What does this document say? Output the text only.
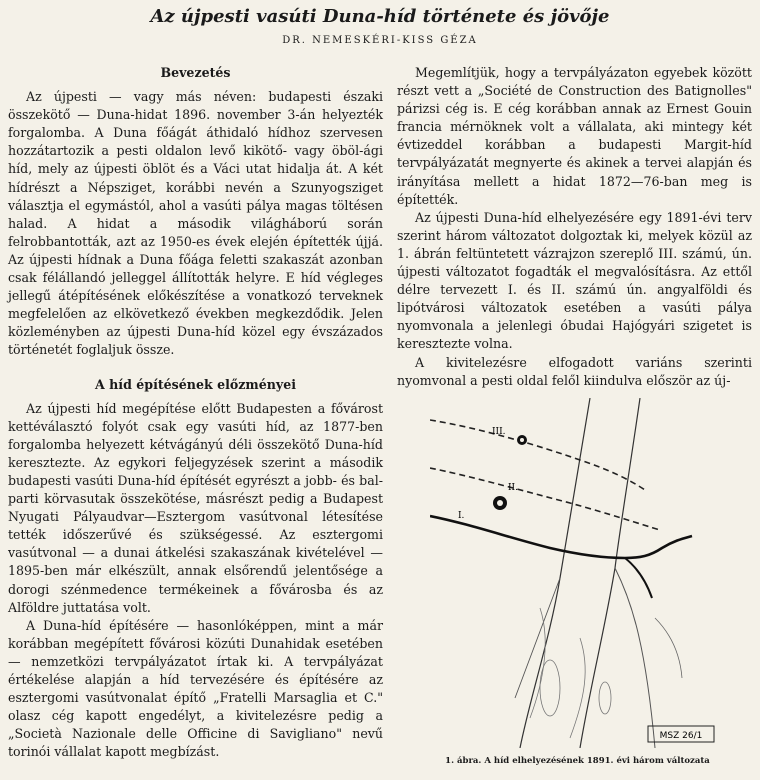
Az újpesti vasúti Duna-híd története és jövője

DR. NEMESKÉRI-KISS GÉZA

Bevezetés

Az újpesti — vagy más néven: budapesti északi összekötő — Duna-hidat 1896. november 3-án helyezték forgalomba. A Duna főágát áthidaló hídhoz szervesen hozzátartozik a pesti oldalon levő kikötő- vagy öböl-ági híd, mely az újpesti öblöt és a Váci utat hidalja át. A két hídrészt a Népsziget, korábbi nevén a Szunyogsziget választja el egymástól, ahol a vasúti pálya magas töltésen halad. A hidat a második világháború során felrobbantották, azt az 1950-es évek elején építették újjá. Az újpesti hídnak a Duna főága feletti szakaszát azonban csak félállandó jelleggel állították helyre. E híd végleges jellegű átépítésének előkészítése a vonatkozó terveknek megfelelően az elkövetkező években megkezdődik. Jelen közleményben az újpesti Duna-híd közel egy évszázados történetét foglaljuk össze.

A híd építésének előzményei

Az újpesti híd megépítése előtt Budapesten a fővárost kettéválasztó folyót csak egy vasúti híd, az 1877-ben forgalomba helyezett kétvágányú déli összekötő Duna-híd keresztezte. Az egykori feljegyzések szerint a második budapesti vasúti Duna-híd építését egyrészt a jobb- és bal-parti körvasutak összekötése, másrészt pedig a Budapest Nyugati Pályaudvar—Esztergom vasútvonal létesítése tették időszerűvé és szükségessé. Az esztergomi vasútvonal — a dunai átkelési szakaszának kivételével — 1895-ben már elkészült, annak elsőrendű jelentősége a dorogi szénmedence termékeinek a fővárosba és az Alföldre juttatása volt.

A Duna-híd építésére — hasonlóképpen, mint a már korábban megépített fővárosi közúti Dunahidak esetében — nemzetközi tervpályázatot írtak ki. A tervpályázat értékelése alapján a híd tervezésére és építésére az esztergomi vasútvonalat építő „Fratelli Marsaglia et C." olasz cég kapott engedélyt, a kivitelezésre pedig a „Società Nazionale delle Officine di Savigliano" nevű torinói vállalat kapott megbízást.

Megemlítjük, hogy a tervpályázaton egyebek között részt vett a „Société de Construction des Batignolles" párizsi cég is. E cég korábban annak az Ernest Gouin francia mérnöknek volt a vállalata, aki mintegy két évtizeddel korábban a budapesti Margit-híd tervpályázatát megnyerte és akinek a tervei alapján és irányítása mellett a hidat 1872—76-ban meg is építették.

Az újpesti Duna-híd elhelyezésére egy 1891-évi terv szerint három változatot dolgoztak ki, melyek közül az 1. ábrán feltüntetett vázrajzon szereplő III. számú, ún. újpesti változatot fogadták el megvalósításra. Az ettől délre tervezett I. és II. számú ún. angyalföldi és lipótvárosi változatok esetében a vasúti pálya nyomvonala a jelenlegi óbudai Hajógyári szigetet is keresztezte volna.

A kivitelezésre elfogadott variáns szerinti nyomvonal a pesti oldal felől kiindulva először az új-

III.
II.
I.
MSZ 26/1

1. ábra. A híd elhelyezésének 1891. évi három változata
